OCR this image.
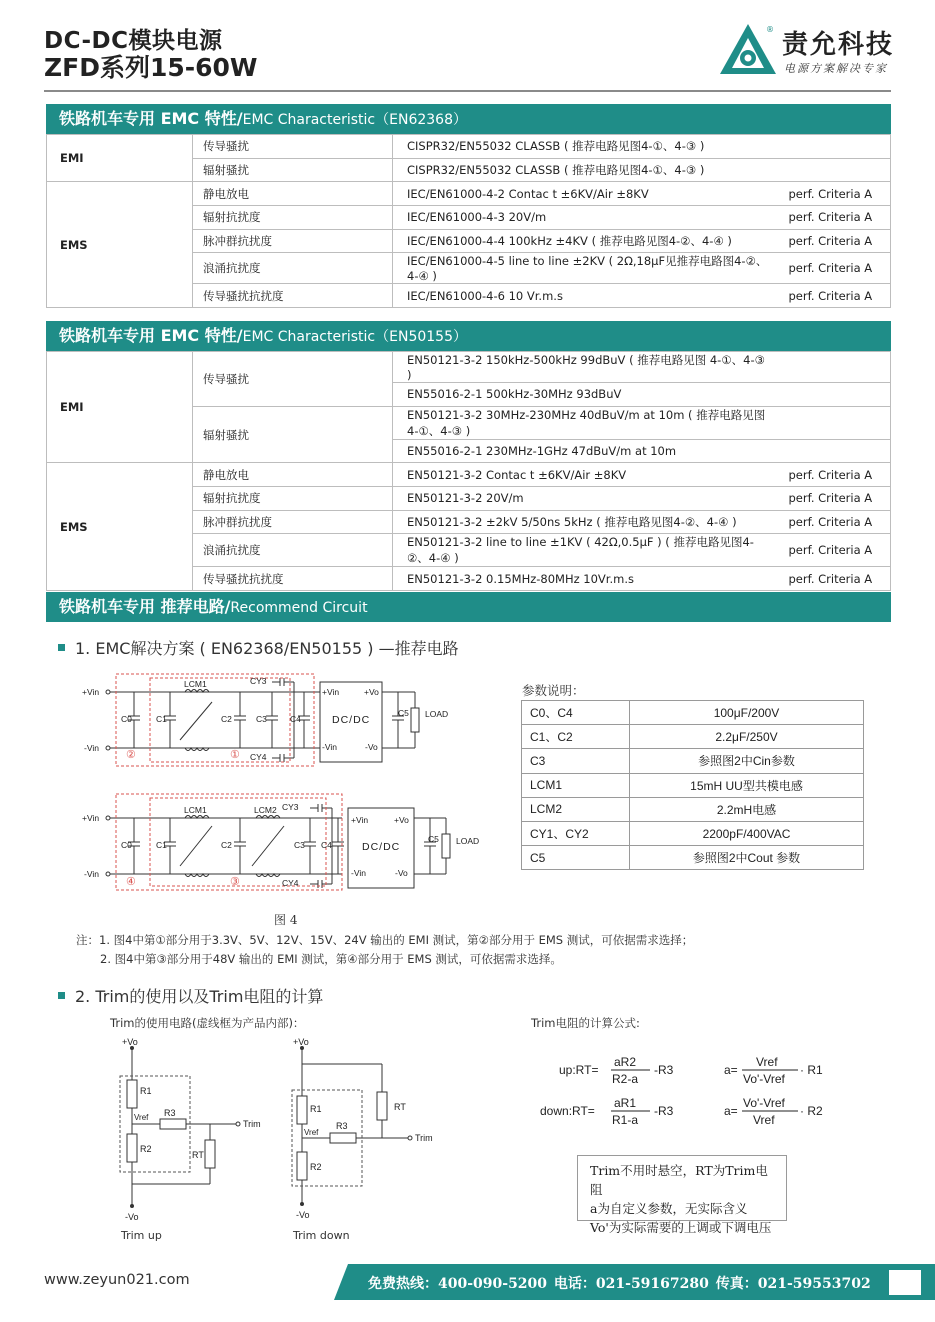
DC-DC模块电源
ZFD系列15-60W
®
责允科技
电源方案解决专家
铁路机车专用 EMC 特性/EMC Characteristic（EN62368）
EMI	传导骚扰	CISPR32/EN55032 CLASSB ( 推荐电路见图4-①、4-③ )	
	辐射骚扰	CISPR32/EN55032 CLASSB ( 推荐电路见图4-①、4-③ )	
EMS	静电放电	IEC/EN61000-4-2 Contac t ±6KV/Air ±8KV	perf. Criteria A
	辐射抗扰度	IEC/EN61000-4-3 20V/m	perf. Criteria A
	脉冲群抗扰度	IEC/EN61000-4-4 100kHz ±4KV ( 推荐电路见图4-②、4-④ )	perf. Criteria A
	浪涌抗扰度	IEC/EN61000-4-5 line to line ±2KV ( 2Ω,18μF见推荐电路图4-②、4-④ )	perf. Criteria A
	传导骚扰抗扰度	IEC/EN61000-4-6 10 Vr.m.s	perf. Criteria A
铁路机车专用 EMC 特性/EMC Characteristic（EN50155）
EMI	传导骚扰	EN50121-3-2 150kHz-500kHz 99dBuV ( 推荐电路见图 4-①、4-③ )	
		EN55016-2-1 500kHz-30MHz 93dBuV	
	辐射骚扰	EN50121-3-2 30MHz-230MHz 40dBuV/m at 10m ( 推荐电路见图4-①、4-③ )	
		EN55016-2-1 230MHz-1GHz 47dBuV/m at 10m	
EMS	静电放电	EN50121-3-2 Contac t ±6KV/Air ±8KV	perf. Criteria A
	辐射抗扰度	EN50121-3-2 20V/m	perf. Criteria A
	脉冲群抗扰度	EN50121-3-2 ±2kV 5/50ns 5kHz ( 推荐电路见图4-②、4-④ )	perf. Criteria A
	浪涌抗扰度	EN50121-3-2 line to line ±1KV ( 42Ω,0.5μF ) ( 推荐电路见图4-②、4-④ )	perf. Criteria A
	传导骚扰抗扰度	EN50121-3-2 0.15MHz-80MHz 10Vr.m.s	perf. Criteria A
铁路机车专用 推荐电路/Recommend Circuit
1. EMC解决方案 ( EN62368/EN50155 ) —推荐电路
+Vin
-Vin
C0	C1
LCM1
C2	C3
CY3
CY4
C4
+Vin	+Vo
-Vin	-Vo
C5 LOAD
DC/DC
②	①
+Vin
-Vin
C0	C1
LCM1
C2
LCM2 CY3
C3
CY4
C4
+Vin	+Vo
-Vin	-Vo
C5 LOAD
DC/DC
④	③
参数说明：
C0、C4	100μF/200V
C1、C2	2.2μF/250V
C3	参照图2中Cin参数
LCM1	15mH UU型共模电感
LCM2	2.2mH电感
CY1、CY2	2200pF/400VAC
C5	参照图2中Cout 参数
图 4
注：1. 图4中第①部分用于3.3V、5V、12V、15V、24V 输出的 EMI 测试，第②部分用于 EMS 测试，可依据需求选择；
2. 图4中第③部分用于48V 输出的 EMI 测试，第④部分用于 EMS 测试，可依据需求选择。
2. Trim的使用以及Trim电阻的计算
Trim的使用电路(虚线框为产品内部)：	Trim电阻的计算公式:
+Vo
R1
Vref R3
R2
RT
Trim
-Vo
Trim up
+Vo
R1	RT
Vref
R3
R2
Trim
-Vo
Trim down
up:RT=
aR2
R2-a
-R3	a=
Vref
Vo'-Vref
· R1
down:RT=
aR1
R1-a
-R3	a=
Vo'-Vref
Vref
· R2
Trim不用时悬空，RT为Trim电阻
a为自定义参数，无实际含义
Vo'为实际需要的上调或下调电压
www.zeyun021.com	免费热线：400-090-5200 电话：021-59167280 传真：021-59553702
